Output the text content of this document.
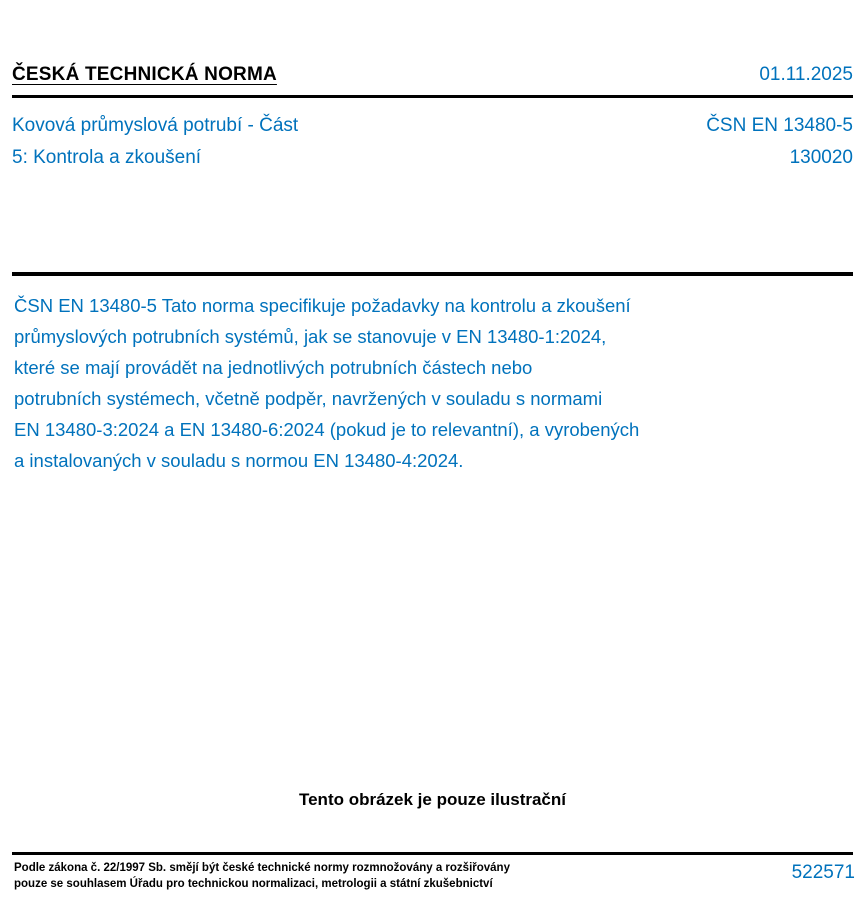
ČESKÁ TECHNICKÁ NORMA	01.11.2025
Kovová průmyslová potrubí - Část
5: Kontrola a zkoušení
ČSN EN 13480-5
130020
ČSN EN 13480-5 Tato norma specifikuje požadavky na kontrolu a zkoušení
průmyslových potrubních systémů, jak se stanovuje v EN 13480-1:2024,
které se mají provádět na jednotlivých potrubních částech nebo
potrubních systémech, včetně podpěr, navržených v souladu s normami
EN 13480-3:2024 a EN 13480-6:2024 (pokud je to relevantní), a vyrobených
a instalovaných v souladu s normou EN 13480-4:2024.
Tento obrázek je pouze ilustrační
Podle zákona č. 22/1997 Sb. smějí být české technické normy rozmnožovány a rozšiřovány
pouze se souhlasem Úřadu pro technickou normalizaci, metrologii a státní zkušebnictví
522571
